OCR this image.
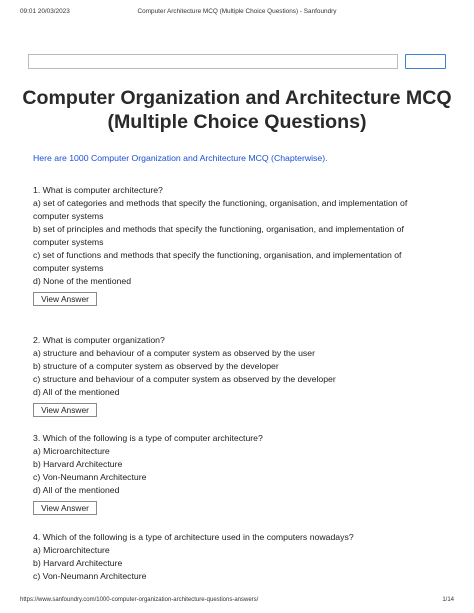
09:01 20/03/2023	Computer Architecture MCQ (Multiple Choice Questions) - Sanfoundry
Computer Organization and Architecture MCQ
(Multiple Choice Questions)
Here are 1000 Computer Organization and Architecture MCQ (Chapterwise).
1. What is computer architecture?
a) set of categories and methods that specify the functioning, organisation, and implementation of
computer systems
b) set of principles and methods that specify the functioning, organisation, and implementation of
computer systems
c) set of functions and methods that specify the functioning, organisation, and implementation of
computer systems
d) None of the mentioned
View Answer
2. What is computer organization?
a) structure and behaviour of a computer system as observed by the user
b) structure of a computer system as observed by the developer
c) structure and behaviour of a computer system as observed by the developer
d) All of the mentioned
View Answer
3. Which of the following is a type of computer architecture?
a) Microarchitecture
b) Harvard Architecture
c) Von-Neumann Architecture
d) All of the mentioned
View Answer
4. Which of the following is a type of architecture used in the computers nowadays?
a) Microarchitecture
b) Harvard Architecture
c) Von-Neumann Architecture
https://www.sanfoundry.com/1000-computer-organization-architecture-questions-answers/	1/14
